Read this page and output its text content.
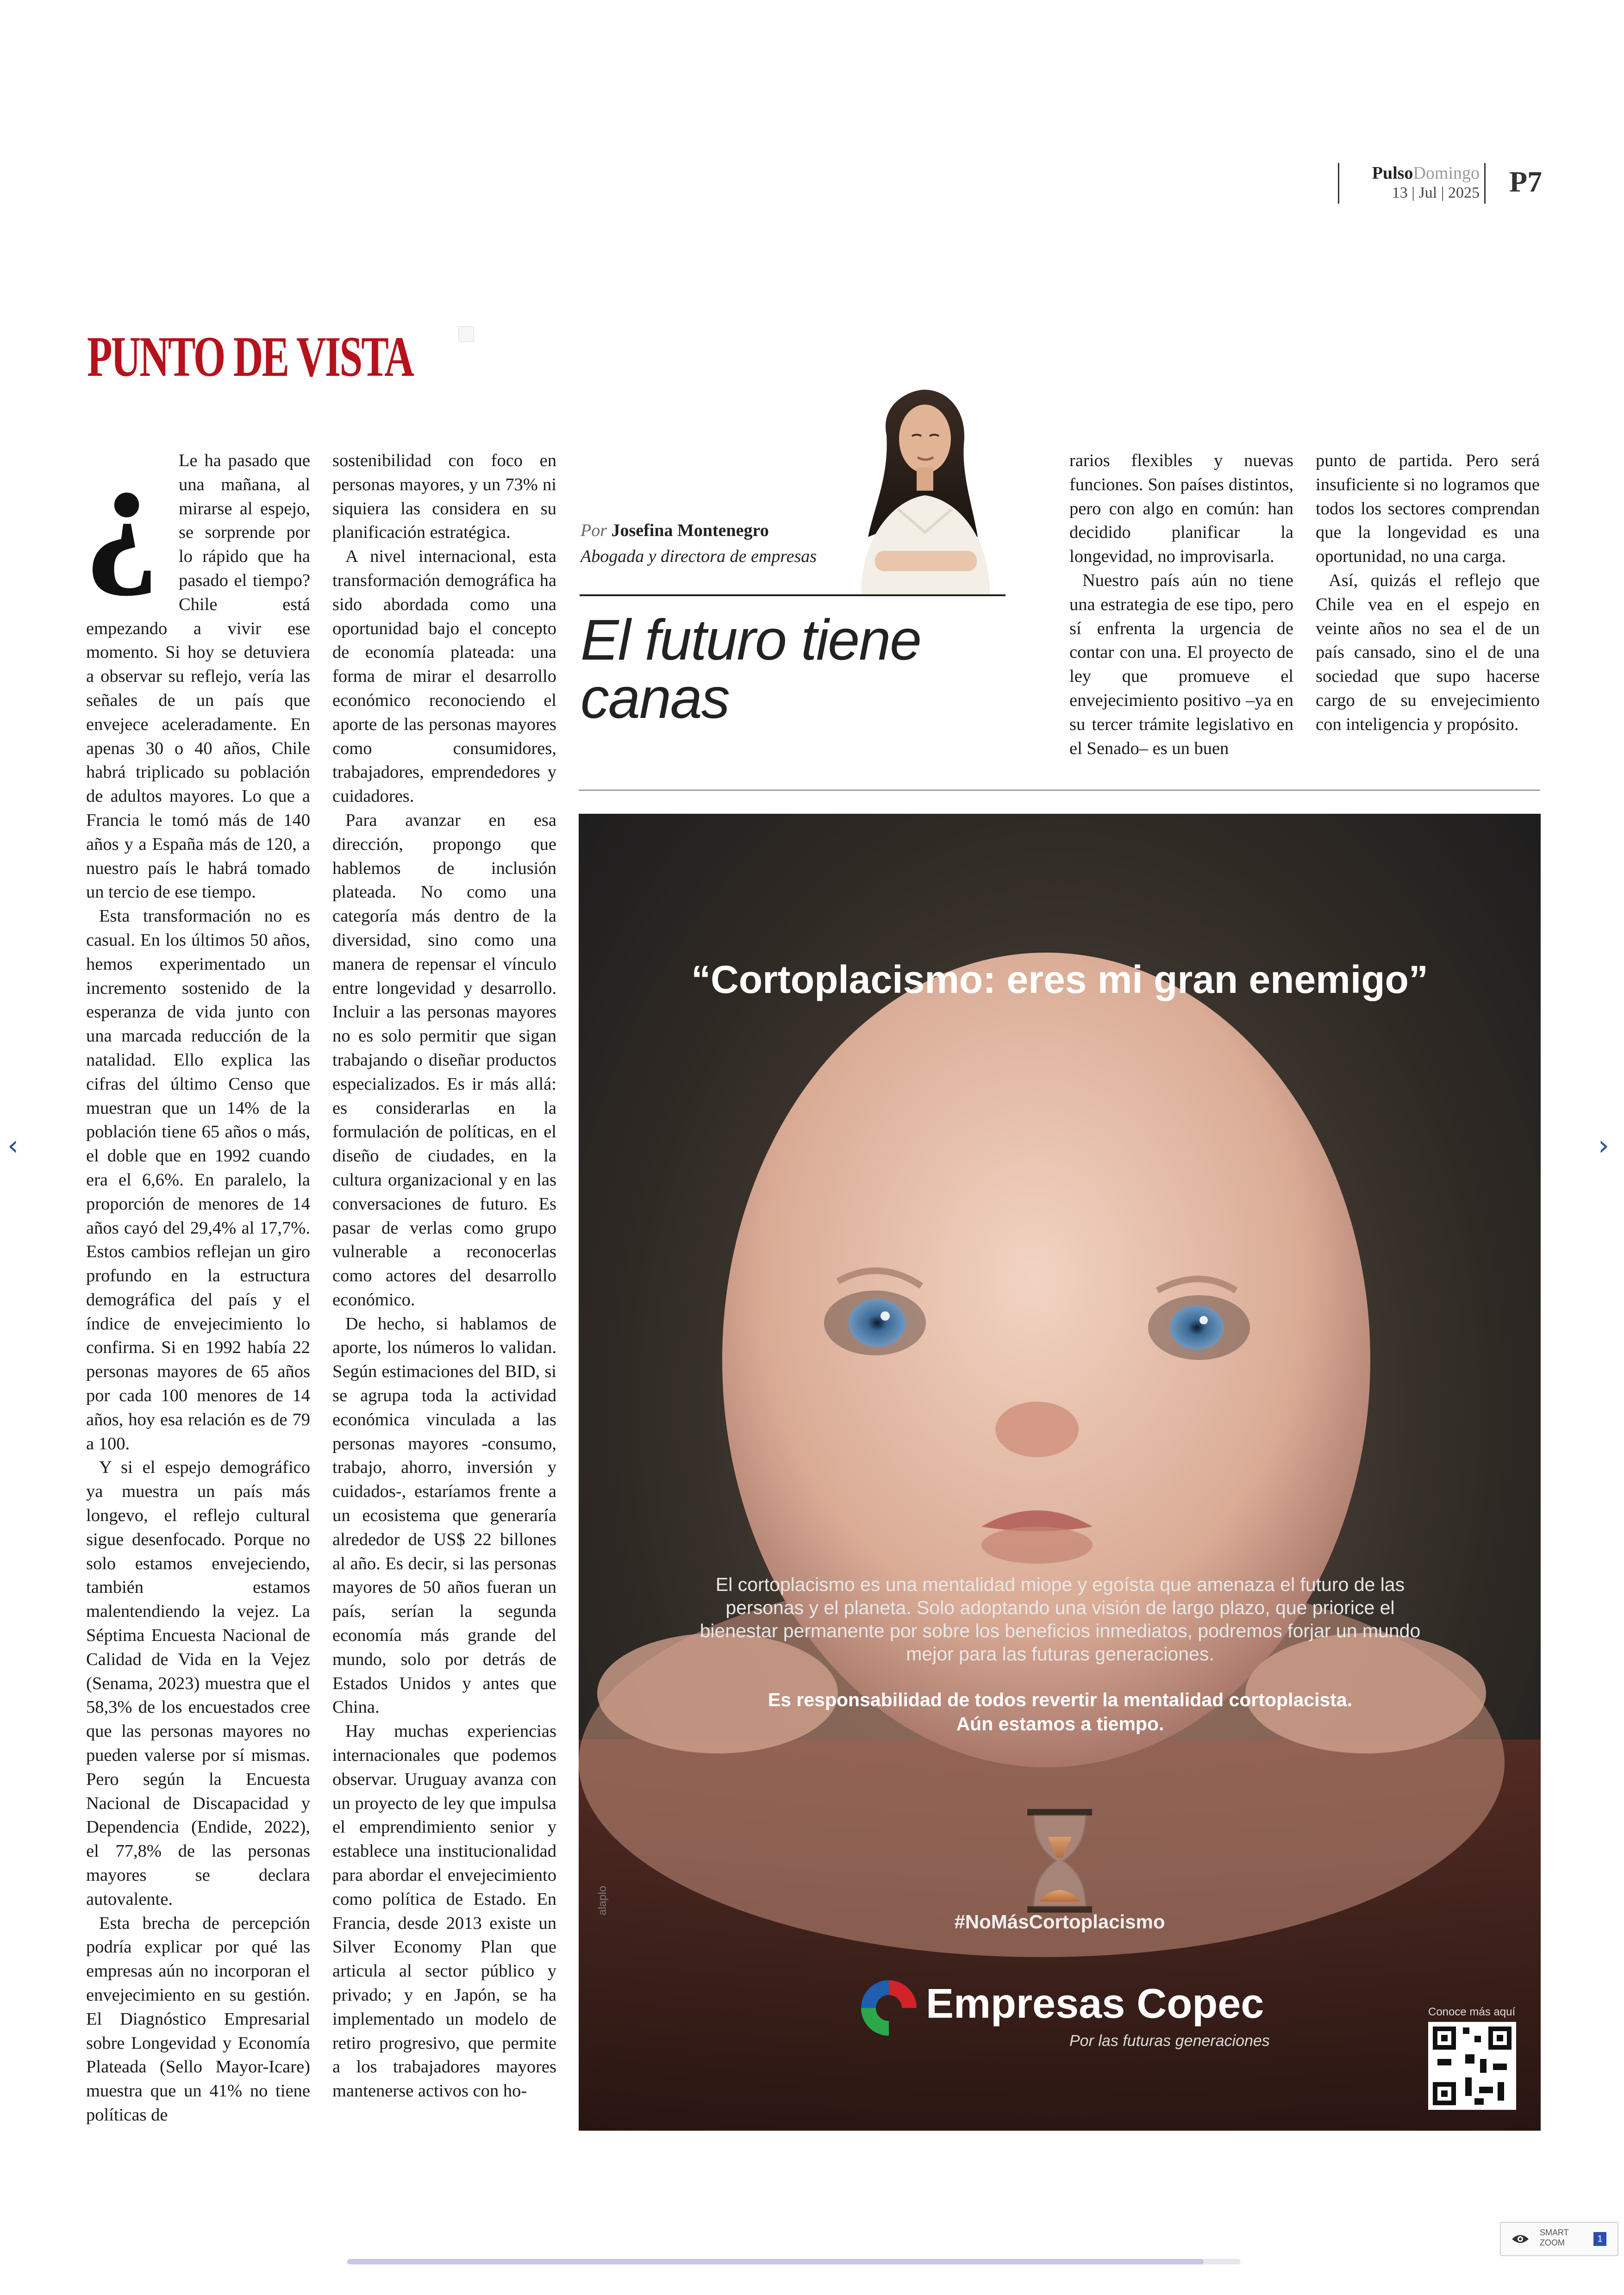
PulsoDomingo
13 | Jul | 2025 P7
PUNTO DE VISTA
¿	Le ha pasado que una mañana, al mirarse al espejo, se sorprende por lo rápido que ha pasado el tiempo? Chile está empezando a vivir ese momento. Si hoy se detuviera a observar su reflejo, vería las señales de un país que envejece aceleradamente. En apenas 30 o 40 años, Chile habrá triplicado su población de adultos mayores. Lo que a Francia le tomó más de 140 años y a España más de 120, a nuestro país le habrá tomado un tercio de ese tiempo.

Esta transformación no es casual. En los últimos 50 años, hemos experimentado un incremento sostenido de la esperanza de vida junto con una marcada reducción de la natalidad. Ello explica las cifras del último Censo que muestran que un 14% de la población tiene 65 años o más, el doble que en 1992 cuando era el 6,6%. En paralelo, la proporción de menores de 14 años cayó del 29,4% al 17,7%. Estos cambios reflejan un giro profundo en la estructura demográfica del país y el índice de envejecimiento lo confirma. Si en 1992 había 22 personas mayores de 65 años por cada 100 menores de 14 años, hoy esa relación es de 79 a 100.

Y si el espejo demográfico ya muestra un país más longevo, el reflejo cultural sigue desenfocado. Porque no solo estamos envejeciendo, también estamos malentendiendo la vejez. La Séptima Encuesta Nacional de Calidad de Vida en la Vejez (Senama, 2023) muestra que el 58,3% de los encuestados cree que las personas mayores no pueden valerse por sí mismas. Pero según la Encuesta Nacional de Discapacidad y Dependencia (Endide, 2022), el 77,8% de las personas mayores se declara autovalente.

Esta brecha de percepción podría explicar por qué las empresas aún no incorporan el envejecimiento en su gestión. El Diagnóstico Empresarial sobre Longevidad y Economía Plateada (Sello Mayor-Icare) muestra que un 41% no tiene políticas de

sostenibilidad con foco en personas mayores, y un 73% ni siquiera las considera en su planificación estratégica.

A nivel internacional, esta transformación demográfica ha sido abordada como una oportunidad bajo el concepto de economía plateada: una forma de mirar el desarrollo económico reconociendo el aporte de las personas mayores como consumidores, trabajadores, emprendedores y cuidadores.

Para avanzar en esa dirección, propongo que hablemos de inclusión plateada. No como una categoría más dentro de la diversidad, sino como una manera de repensar el vínculo entre longevidad y desarrollo. Incluir a las personas mayores no es solo permitir que sigan trabajando o diseñar productos especializados. Es ir más allá: es considerarlas en la formulación de políticas, en el diseño de ciudades, en la cultura organizacional y en las conversaciones de futuro. Es pasar de verlas como grupo vulnerable a reconocerlas como actores del desarrollo económico.

De hecho, si hablamos de aporte, los números lo validan. Según estimaciones del BID, si se agrupa toda la actividad económica vinculada a las personas mayores -consumo, trabajo, ahorro, inversión y cuidados-, estaríamos frente a un ecosistema que generaría alrededor de US$ 22 billones al año. Es decir, si las personas mayores de 50 años fueran un país, serían la segunda economía más grande del mundo, solo por detrás de Estados Unidos y antes que China.

Hay muchas experiencias internacionales que podemos observar. Uruguay avanza con un proyecto de ley que impulsa el emprendimiento senior y establece una institucionalidad para abordar el envejecimiento como política de Estado. En Francia, desde 2013 existe un Silver Economy Plan que articula al sector público y privado; y en Japón, se ha implementado un modelo de retiro progresivo, que permite a los trabajadores mayores mantenerse activos con ho-

Por Josefina Montenegro
Abogada y directora de empresas
El futuro tiene
canas

rarios flexibles y nuevas funciones. Son países distintos, pero con algo en común: han decidido planificar la longevidad, no improvisarla.

Nuestro país aún no tiene una estrategia de ese tipo, pero sí enfrenta la urgencia de contar con una. El proyecto de ley que promueve el envejecimiento positivo –ya en su tercer trámite legislativo en el Senado– es un buen

punto de partida. Pero será insuficiente si no logramos que todos los sectores comprendan que la longevidad es una oportunidad, no una carga.

Así, quizás el reflejo que Chile vea en el espejo en veinte años no sea el de un país cansado, sino el de una sociedad que supo hacerse cargo de su envejecimiento con inteligencia y propósito.

“Cortoplacismo: eres mi gran enemigo”
El cortoplacismo es una mentalidad miope y egoísta que amenaza el futuro de las personas y el planeta. Solo adoptando una visión de largo plazo, que priorice el bienestar permanente por sobre los beneficios inmediatos, podremos forjar un mundo mejor para las futuras generaciones.
Es responsabilidad de todos revertir la mentalidad cortoplacista.
Aún estamos a tiempo.
#NoMásCortoplacismo
Empresas Copec
Por las futuras generaciones
alaplo
Conoce más aquí
‹	›
SMART
ZOOM	1
